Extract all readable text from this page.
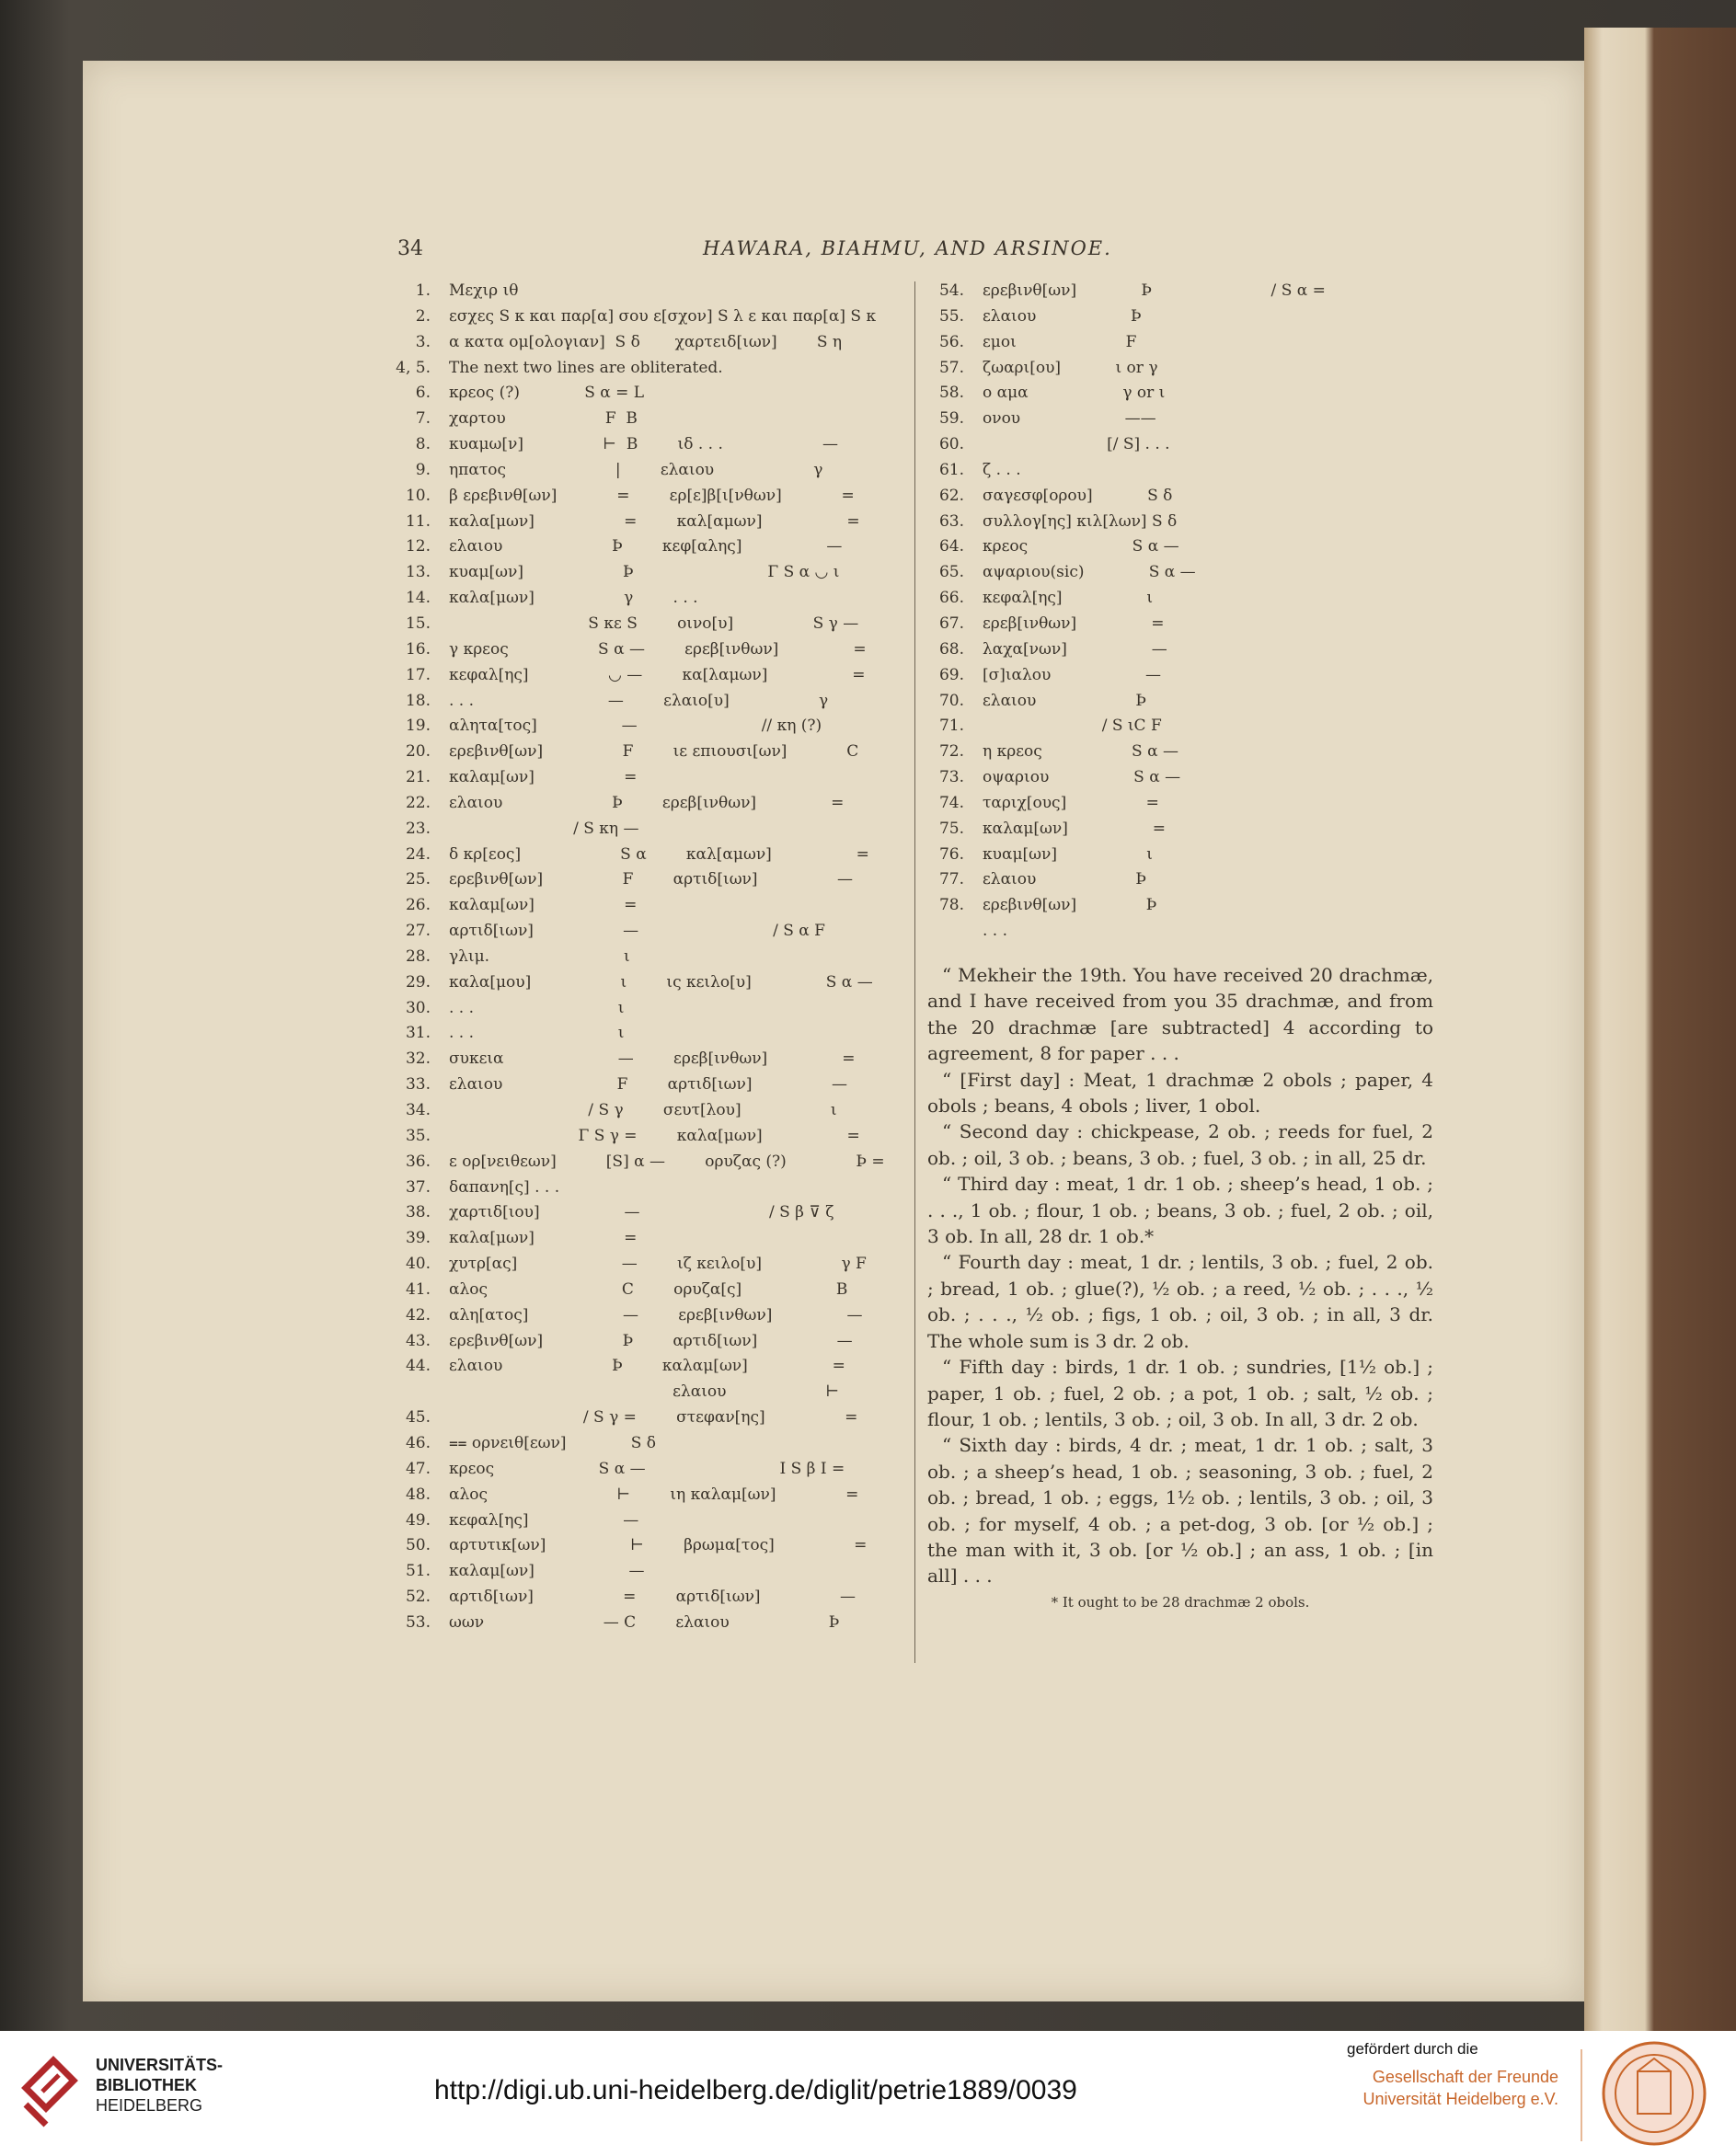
34	HAWARA, BIAHMU, AND ARSINOE.
1. Μεχιρ ιθ
2. εσχες S κ και παρ[α] σου ε[σχον] S λ ε και παρ[α] S κ
3. α κατα ομ[ολογιαν]  S δ       χαρτειδ[ιων]        S η
4, 5. The next two lines are obliterated.
6. κρεος (?)             S α = L
7. χαρτου                    F  B
8. κυαμω[ν]                ⊢  B        ιδ . . .                    —
9. ηπατος                      |        ελαιου                    γ
10. β ερεβινθ[ων]            =        ερ[ε]β[ι[νθων]            =
11. καλα[μων]                  =        καλ[αμων]                 =
12. ελαιου                      Þ        κεφ[αλης]                 —
13. κυαμ[ων]                    Þ                           Γ S α ◡ ι
14. καλα[μων]                  γ        . . .
15. S κε S        οινο[υ]                S γ —
16. γ κρεος                  S α —        ερεβ[ινθων]               =
17. κεφαλ[ης]                ◡ —        κα[λαμων]                 =
18. . . .                           —        ελαιο[υ]                  γ
19. αλητα[τος]                 —                         // κη (?)
20. ερεβινθ[ων]                F        ιε επιουσι[ων]            C
21. καλαμ[ων]                  =
22. ελαιου                      Þ        ερεβ[ινθων]               =
23. / S κη —
24. δ κρ[εος]                    S α        καλ[αμων]                 =
25. ερεβινθ[ων]                F        αρτιδ[ιων]                —
26. καλαμ[ων]                  =
27. αρτιδ[ιων]                  —                           / S α F
28. γλιμ.                           ι
29. καλα[μου]                  ι        ις κειλο[υ]               S α —
30. . . .                             ι
31. . . .                             ι
32. συκεια                       —        ερεβ[ινθων]               =
33. ελαιου                       F        αρτιδ[ιων]                —
34. / S γ        σευτ[λου]                  ι
35. Γ S γ =        καλα[μων]                 =
36. ε ορ[νειθεων]          [S] α —        ορυζας (?)              Þ =
37. δαπανη[ς] . . .
38. χαρτιδ[ιου]                 —                          / S β ⊽ ζ
39. καλα[μων]                  =
40. χυτρ[ας]                     —        ιζ κειλο[υ]                γ F
41. αλος                           C        ορυζα[ς]                   B
42. αλη[ατος]                   —        ερεβ[ινθων]               —
43. ερεβινθ[ων]                Þ        αρτιδ[ιων]                —
44. ελαιου                      Þ        καλαμ[ων]                 =
ελαιου                    ⊢
45. / S γ =        στεφαν[ης]                =
46. ⩵ ορνειθ[εων]             S δ
47. κρεος                     S α —                           I S β I =
48. αλος                          ⊢        ιη καλαμ[ων]              =
49. κεφαλ[ης]                   —
50. αρτυτικ[ων]                 ⊢        βρωμα[τος]                =
51. καλαμ[ων]                   —
52. αρτιδ[ιων]                  =        αρτιδ[ιων]                —
53. ωων                        — C        ελαιου                    Þ
54. ερεβινθ[ων]             Þ                        / S α =
55. ελαιου                   Þ
56. εμοι                      F
57. ζωαρι[ου]           ι or γ
58. ο αμα                   γ or ι
59. ονου                     ——
60. [/ S] . . .
61. ζ . . .
62. σαγεσφ[ορου]           S δ
63. συλλογ[ης] κιλ[λων] S δ
64. κρεος                     S α —
65. αψαριου(sic)             S α —
66. κεφαλ[ης]                 ι
67. ερεβ[ινθων]               =
68. λαχα[νων]                 —
69. [σ]ιαλου                   —
70. ελαιου                    Þ
71. / S ιC F
72. η κρεος                  S α —
73. οψαριου                 S α —
74. ταριχ[ους]                =
75. καλαμ[ων]                 =
76. κυαμ[ων]                  ι
77. ελαιου                    Þ
78. ερεβινθ[ων]              Þ
. . .

“ Mekheir the 19th. You have received 20 drachmæ, and I have received from you 35 drachmæ, and from the 20 drachmæ [are subtracted] 4 according to agreement, 8 for paper . . .

“ [First day] : Meat, 1 drachmæ 2 obols ; paper, 4 obols ; beans, 4 obols ; liver, 1 obol.

“ Second day : chickpease, 2 ob. ; reeds for fuel, 2 ob. ; oil, 3 ob. ; beans, 3 ob. ; fuel, 3 ob. ; in all, 25 dr.

“ Third day : meat, 1 dr. 1 ob. ; sheep’s head, 1 ob. ; . . ., 1 ob. ; flour, 1 ob. ; beans, 3 ob. ; fuel, 2 ob. ; oil, 3 ob. In all, 28 dr. 1 ob.*

“ Fourth day : meat, 1 dr. ; lentils, 3 ob. ; fuel, 2 ob. ; bread, 1 ob. ; glue(?), ½ ob. ; a reed, ½ ob. ; . . ., ½ ob. ; . . ., ½ ob. ; figs, 1 ob. ; oil, 3 ob. ; in all, 3 dr. The whole sum is 3 dr. 2 ob.

“ Fifth day : birds, 1 dr. 1 ob. ; sundries, [1½ ob.] ; paper, 1 ob. ; fuel, 2 ob. ; a pot, 1 ob. ; salt, ½ ob. ; flour, 1 ob. ; lentils, 3 ob. ; oil, 3 ob. In all, 3 dr. 2 ob.

“ Sixth day : birds, 4 dr. ; meat, 1 dr. 1 ob. ; salt, 3 ob. ; a sheep’s head, 1 ob. ; seasoning, 3 ob. ; fuel, 2 ob. ; bread, 1 ob. ; eggs, 1½ ob. ; lentils, 3 ob. ; oil, 3 ob. ; for myself, 4 ob. ; a pet-dog, 3 ob. [or ½ ob.] ; the man with it, 3 ob. [or ½ ob.] ; an ass, 1 ob. ; [in all] . . .

* It ought to be 28 drachmæ 2 obols.

UNIVERSITÄTS-
BIBLIOTHEK
HEIDELBERG	http://digi.ub.uni-heidelberg.de/diglit/petrie1889/0039
gefördert durch die
Gesellschaft der Freunde
Universität Heidelberg e.V.
